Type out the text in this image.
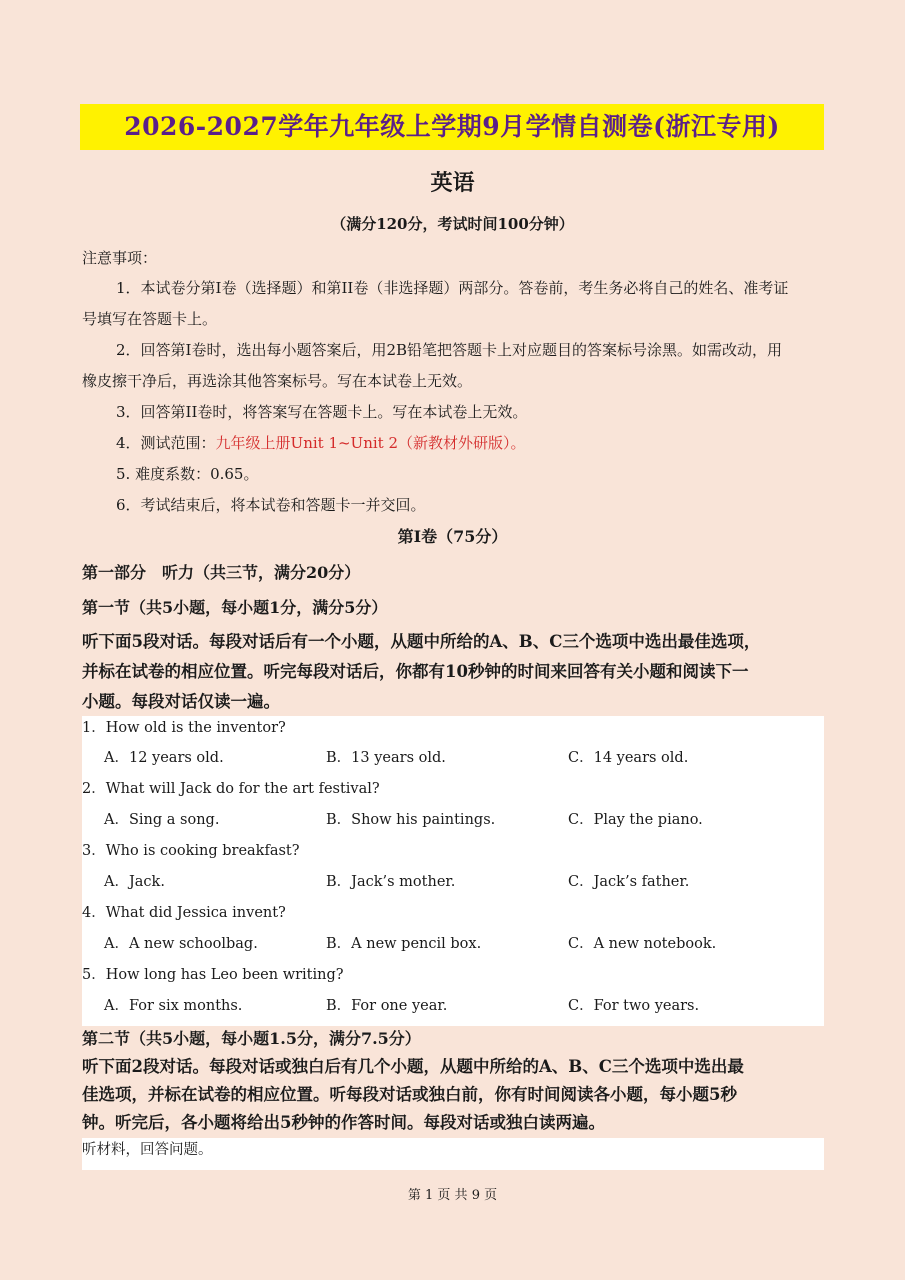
2026-2027学年九年级上学期9月学情自测卷(浙江专用)
英语
（满分120分，考试时间100分钟）
注意事项：
1．本试卷分第I卷（选择题）和第II卷（非选择题）两部分。答卷前，考生务必将自己的姓名、准考证
号填写在答题卡上。
2．回答第I卷时，选出每小题答案后，用2B铅笔把答题卡上对应题目的答案标号涂黑。如需改动，用
橡皮擦干净后，再选涂其他答案标号。写在本试卷上无效。
3．回答第II卷时，将答案写在答题卡上。写在本试卷上无效。
4．测试范围：九年级上册Unit 1~Unit 2（新教材外研版）。
5. 难度系数：0.65。
6．考试结束后，将本试卷和答题卡一并交回。
第I卷（75分）
第一部分　听力（共三节，满分20分）
第一节（共5小题，每小题1分，满分5分）
听下面5段对话。每段对话后有一个小题，从题中所给的A、B、C三个选项中选出最佳选项，
并标在试卷的相应位置。听完每段对话后，你都有10秒钟的时间来回答有关小题和阅读下一
小题。每段对话仅读一遍。
1．How old is the inventor?
A．12 years old.	B．13 years old.	C．14 years old.
2．What will Jack do for the art festival?
A．Sing a song.	B．Show his paintings.	C．Play the piano.
3．Who is cooking breakfast?
A．Jack.	B．Jack’s mother.	C．Jack’s father.
4．What did Jessica invent?
A．A new schoolbag.	B．A new pencil box.	C．A new notebook.
5．How long has Leo been writing?
A．For six months.	B．For one year.	C．For two years.
第二节（共5小题，每小题1.5分，满分7.5分）
听下面2段对话。每段对话或独白后有几个小题，从题中所给的A、B、C三个选项中选出最
佳选项，并标在试卷的相应位置。听每段对话或独白前，你有时间阅读各小题，每小题5秒
钟。听完后，各小题将给出5秒钟的作答时间。每段对话或独白读两遍。
听材料，回答问题。
第 1 页 共 9 页
